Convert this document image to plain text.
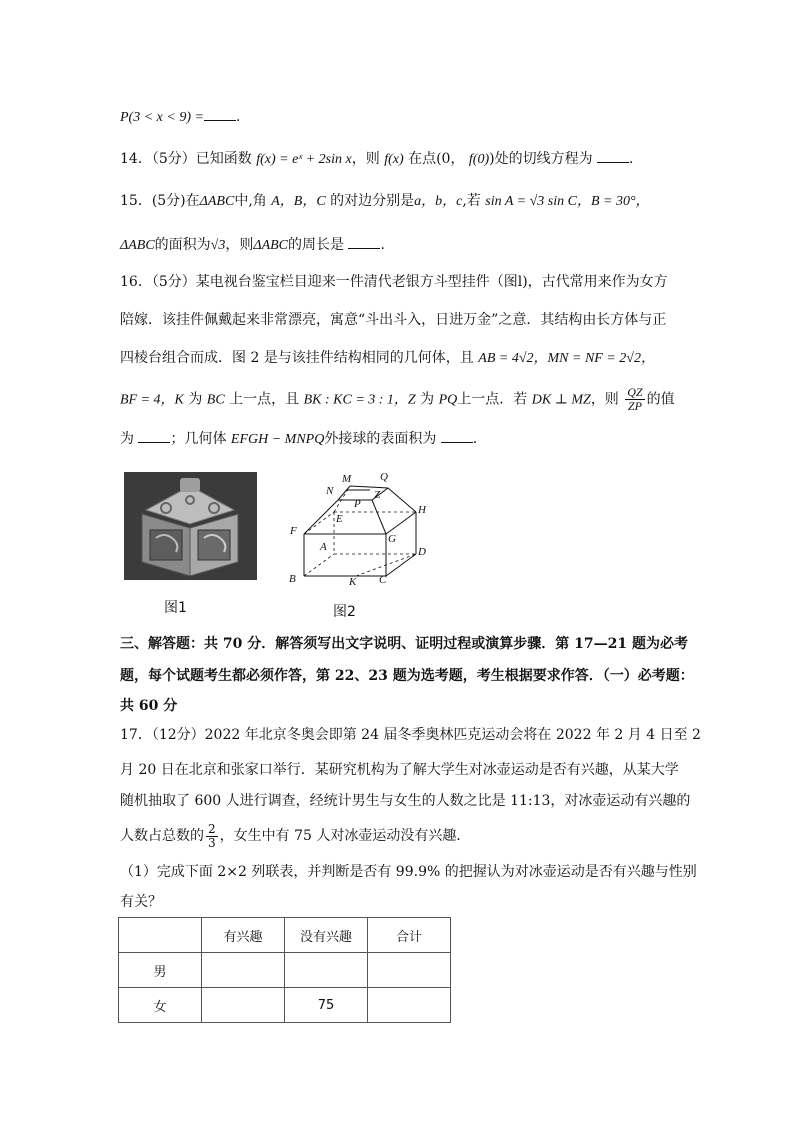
P(3 < x < 9) = .
14．（5分）已知函数 f(x) = eˣ + 2sin x，则 f(x) 在点(0， f(0))处的切线方程为	.
15．(5分)在ΔABC中,角 A，B，C 的对边分别是a，b，c,若 sin A = √3 sin C，B = 30°，
ΔABC的面积为√3，则ΔABC的周长是	.
16．（5分）某电视台鉴宝栏目迎来一件清代老银方斗型挂件（图l)，古代常用来作为女方
陪嫁．该挂件佩戴起来非常漂亮，寓意“斗出斗入，日进万金”之意．其结构由长方体与正
四棱台组合而成．图 2 是与该挂件结构相同的几何体，且 AB = 4√2，MN = NF = 2√2，
BF = 4，K 为 BC 上一点，且 BK : KC = 3 : 1，Z 为 PQ上一点．若 DK ⊥ MZ，则 $\frac{QZ}{ZP}$ 的值
为	；几何体 EFGH − MNPQ外接球的表面积为	.
图1
M	Q
N	Z
P
E
H
F
G
A	D
B	K C
图2
三、解答题：共 70 分．解答须写出文字说明、证明过程或演算步骤．第 17—21 题为必考
题，每个试题考生都必须作答，第 22、23 题为选考题，考生根据要求作答．（一）必考题：
共 60 分
17．（12分）2022 年北京冬奥会即第 24 届冬季奥林匹克运动会将在 2022 年 2 月 4 日至 2
月 20 日在北京和张家口举行．某研究机构为了解大学生对冰壶运动是否有兴趣，从某大学
随机抽取了 600 人进行调查，经统计男生与女生的人数之比是 11:13，对冰壶运动有兴趣的
人数占总数的 $\frac{2}{3}$ ，女生中有 75 人对冰壶运动没有兴趣．
（1）完成下面 2×2 列联表，并判断是否有 99.9% 的把握认为对冰壶运动是否有兴趣与性别
有关？
	有兴趣	没有兴趣	合计
男			
女		75	
